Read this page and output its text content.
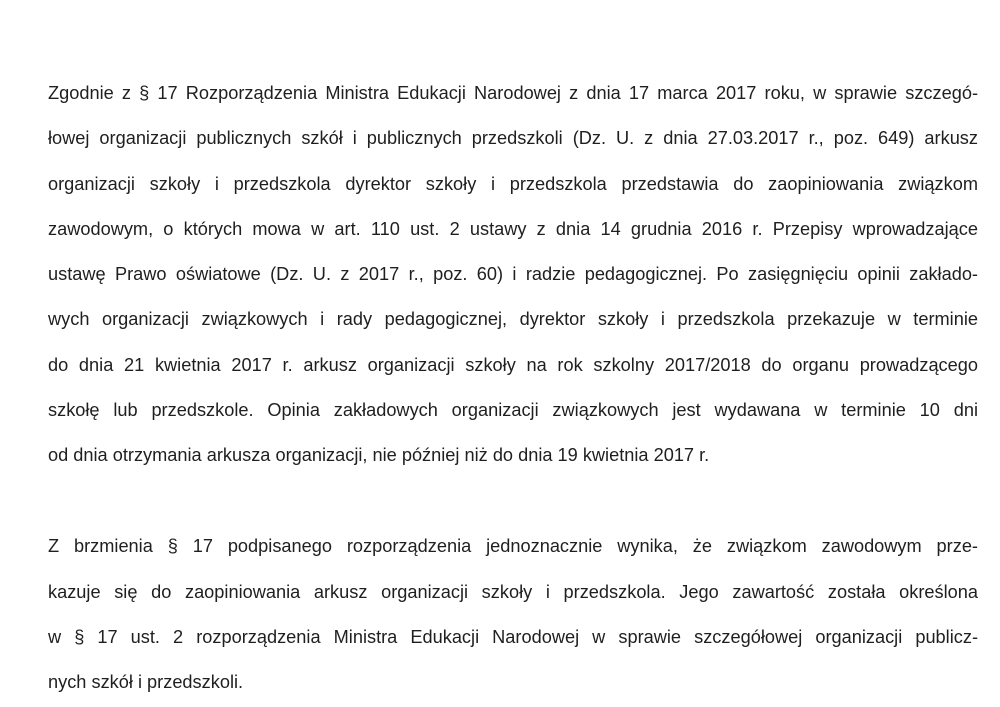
Zgodnie z § 17 Rozporządzenia Ministra Edukacji Narodowej z dnia 17 marca 2017 roku, w sprawie szczegó-
łowej organizacji publicznych szkół i publicznych przedszkoli (Dz. U. z dnia 27.03.2017 r., poz. 649) arkusz
organizacji szkoły i przedszkola dyrektor szkoły i przedszkola przedstawia do zaopiniowania związkom
zawodowym, o których mowa w art. 110 ust. 2 ustawy z dnia 14 grudnia 2016 r. Przepisy wprowadzające
ustawę Prawo oświatowe (Dz. U. z 2017 r., poz. 60) i radzie pedagogicznej. Po zasięgnięciu opinii zakłado-
wych organizacji związkowych i rady pedagogicznej, dyrektor szkoły i przedszkola przekazuje w terminie
do dnia 21 kwietnia 2017 r. arkusz organizacji szkoły na rok szkolny 2017/2018 do organu prowadzącego
szkołę lub przedszkole. Opinia zakładowych organizacji związkowych jest wydawana w terminie 10 dni
od dnia otrzymania arkusza organizacji, nie później niż do dnia 19 kwietnia 2017 r.
Z brzmienia § 17 podpisanego rozporządzenia jednoznacznie wynika, że związkom zawodowym prze-
kazuje się do zaopiniowania arkusz organizacji szkoły i przedszkola. Jego zawartość została określona
w § 17 ust. 2 rozporządzenia Ministra Edukacji Narodowej w sprawie szczegółowej organizacji publicz-
nych szkół i przedszkoli.
